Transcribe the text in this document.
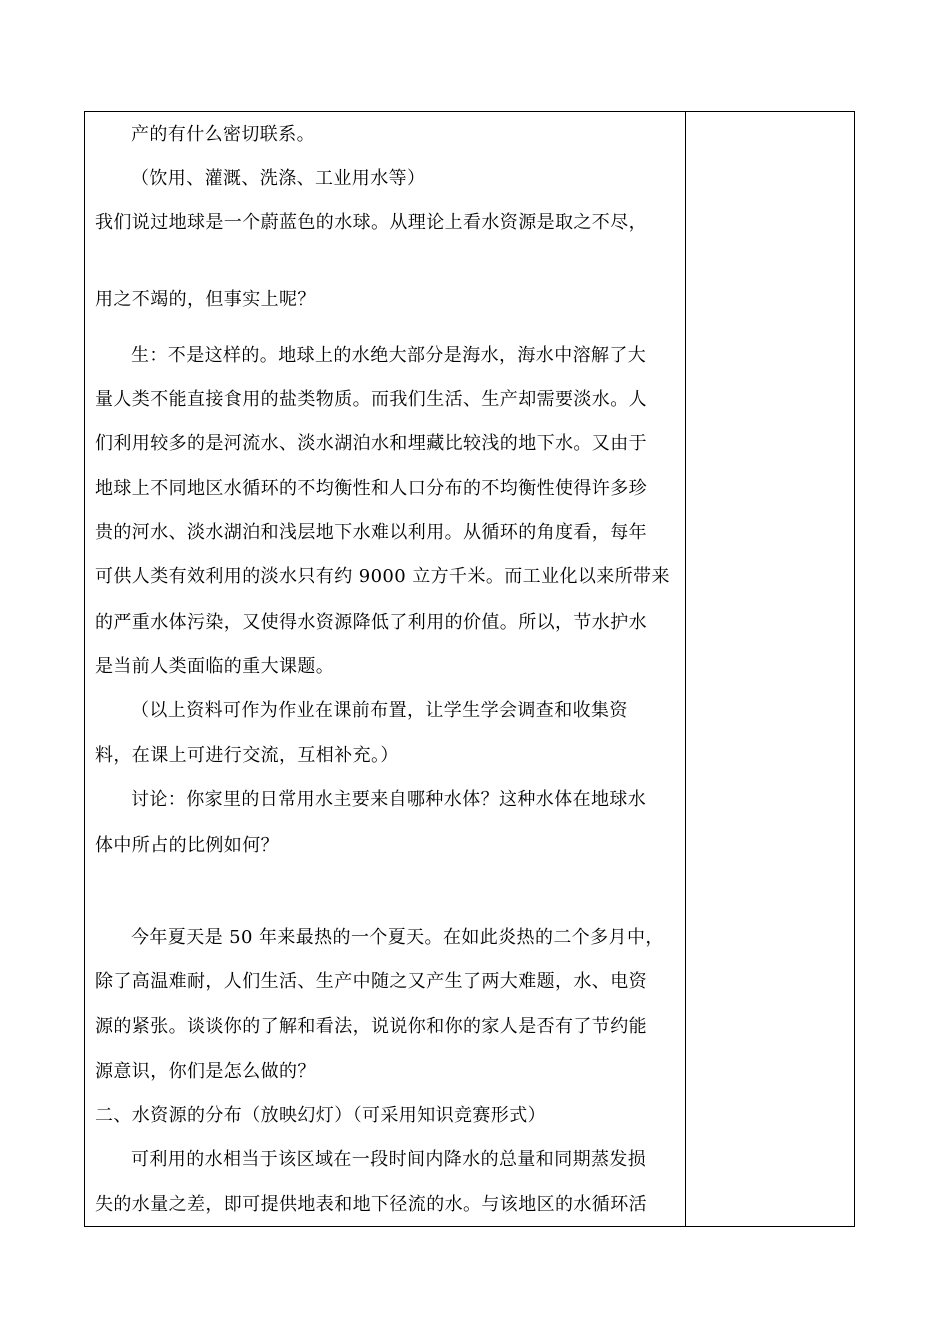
产的有什么密切联系。
（饮用、灌溉、洗涤、工业用水等）
我们说过地球是一个蔚蓝色的水球。从理论上看水资源是取之不尽，
用之不竭的，但事实上呢？
生：不是这样的。地球上的水绝大部分是海水，海水中溶解了大
量人类不能直接食用的盐类物质。而我们生活、生产却需要淡水。人
们利用较多的是河流水、淡水湖泊水和埋藏比较浅的地下水。又由于
地球上不同地区水循环的不均衡性和人口分布的不均衡性使得许多珍
贵的河水、淡水湖泊和浅层地下水难以利用。从循环的角度看，每年
可供人类有效利用的淡水只有约 9000 立方千米。而工业化以来所带来
的严重水体污染，又使得水资源降低了利用的价值。所以，节水护水
是当前人类面临的重大课题。
（以上资料可作为作业在课前布置，让学生学会调查和收集资
料，在课上可进行交流，互相补充。）
讨论：你家里的日常用水主要来自哪种水体？这种水体在地球水
体中所占的比例如何？
今年夏天是 50 年来最热的一个夏天。在如此炎热的二个多月中，
除了高温难耐，人们生活、生产中随之又产生了两大难题，水、电资
源的紧张。谈谈你的了解和看法，说说你和你的家人是否有了节约能
源意识，你们是怎么做的？
二、水资源的分布（放映幻灯）（可采用知识竞赛形式）
可利用的水相当于该区域在一段时间内降水的总量和同期蒸发损
失的水量之差，即可提供地表和地下径流的水。与该地区的水循环活
